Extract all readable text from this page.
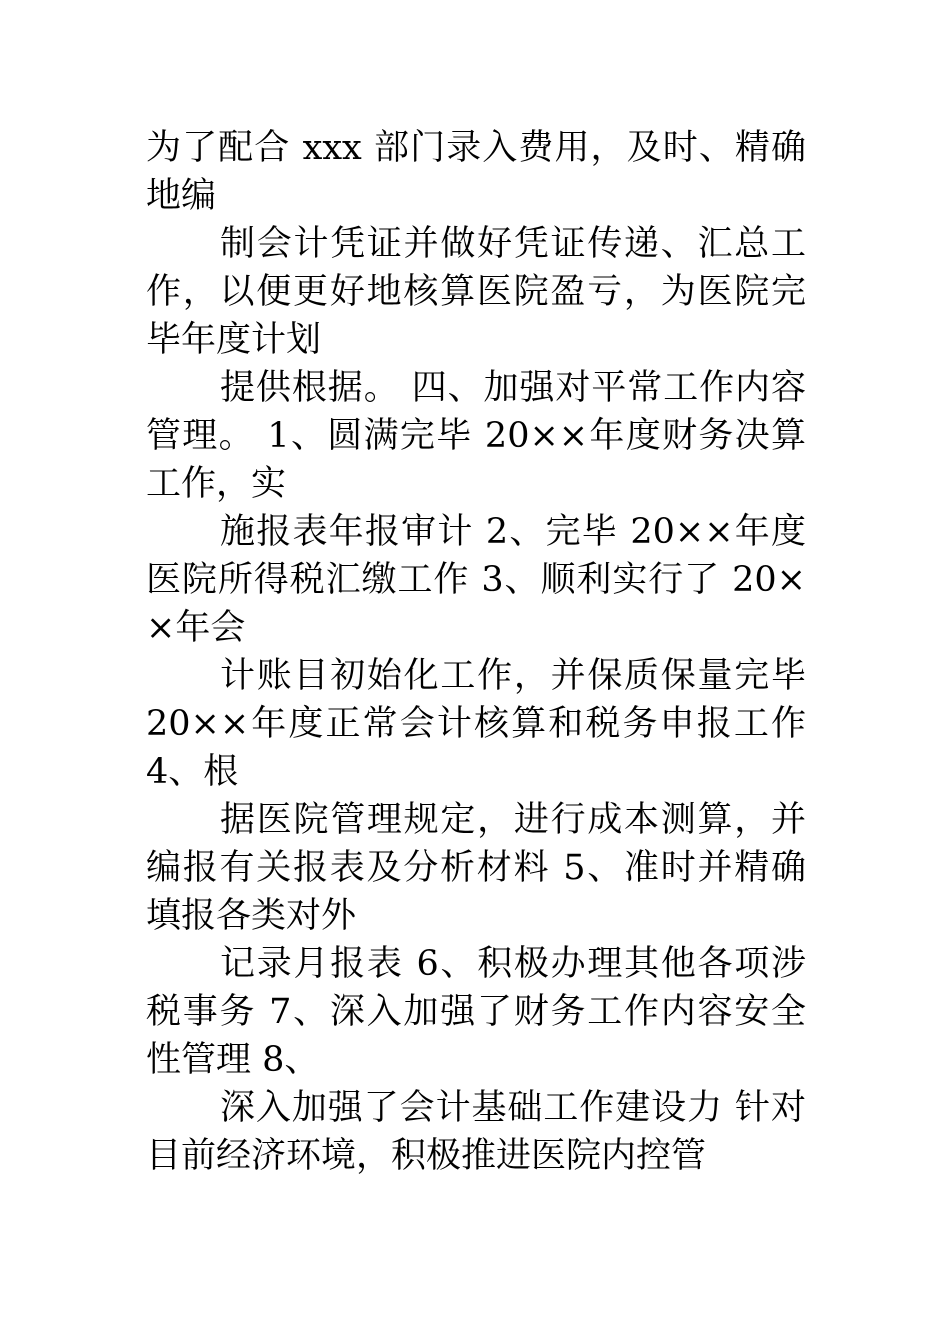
为了配合 xxx 部门录入费用，及时、精确地编

制会计凭证并做好凭证传递、汇总工作，以便更好地核算医院盈亏，为医院完毕年度计划

提供根据。 四、加强对平常工作内容管理。 1、圆满完毕 20××年度财务决算工作，实

施报表年报审计 2、完毕 20××年度医院所得税汇缴工作 3、顺利实行了 20××年会

计账目初始化工作，并保质保量完毕 20××年度正常会计核算和税务申报工作 4、根

据医院管理规定，进行成本测算，并编报有关报表及分析材料 5、准时并精确填报各类对外

记录月报表 6、积极办理其他各项涉税事务 7、深入加强了财务工作内容安全性管理 8、

深入加强了会计基础工作建设力 针对目前经济环境，积极推进医院内控管
